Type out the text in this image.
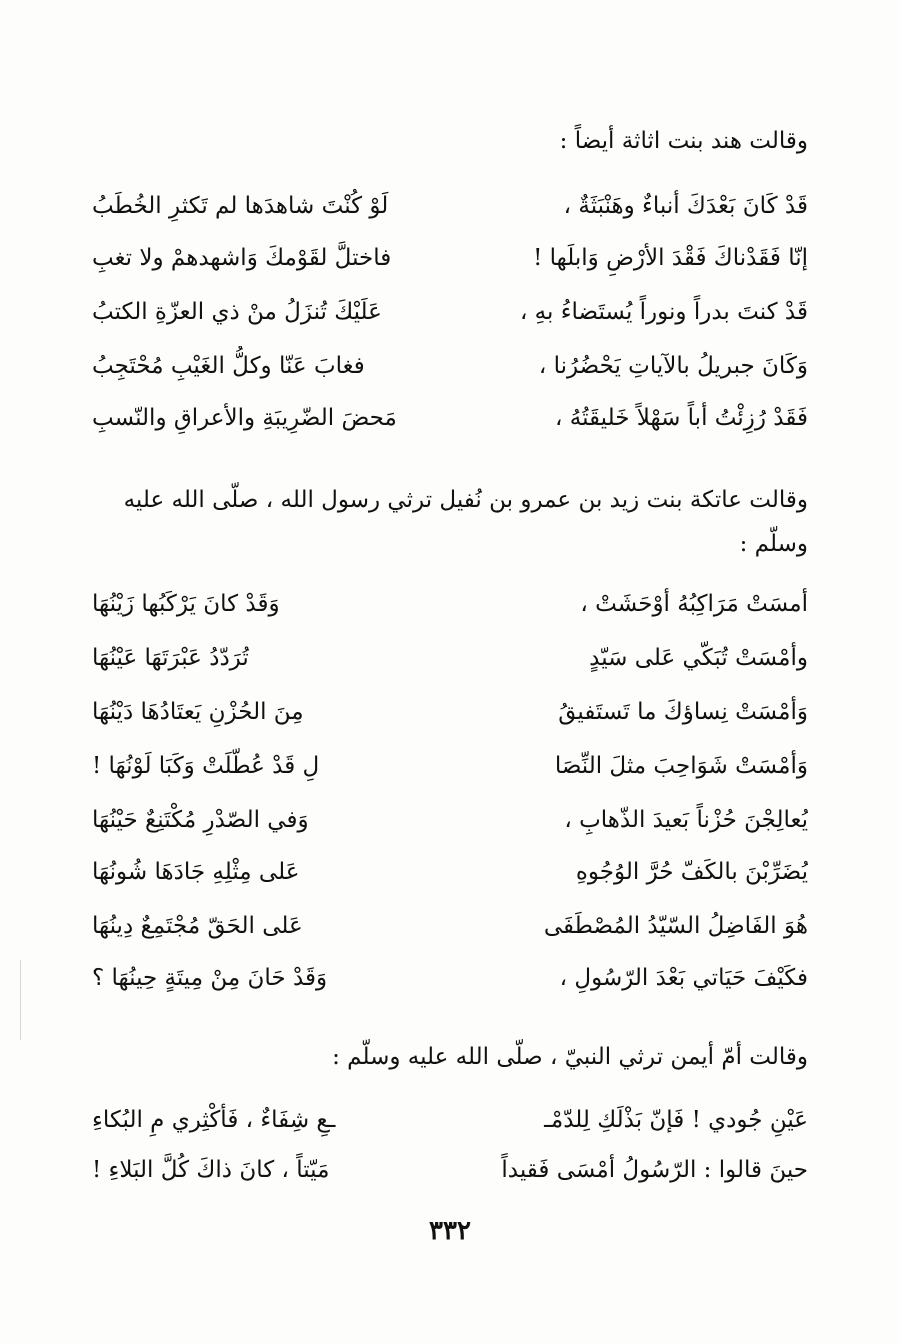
وقالت هند بنت اثاثة أيضاً :
قَدْ كَانَ بَعْدَكَ أنباءٌ وهَنْبَثَةٌ ،
لَوْ كُنْتَ شاهدَها لم تَكثرِ الخُطَبُ
إنّا فَقَدْناكَ فَقْدَ الأرْضِ وَابلَها !
فاختلَّ لقَوْمكَ وَاشهدهمْ ولا تغبِ
قَدْ كنتَ بدراً ونوراً يُستَضاءُ بهِ ،
عَلَيْكَ تُنزَلُ منْ ذي العزّةِ الكتبُ
وَكَانَ جبريلُ بالآياتِ يَحْضُرُنا ،
فغابَ عَنّا وكلُّ الغَيْبِ مُحْتَجِبُ
فَقَدْ رُزِئْتُ أباً سَهْلاً خَليقَتُهُ ،
مَحضَ الضّرِيبَةِ والأعراقِ والنّسبِ
وقالت عاتكة بنت زيد بن عمرو بن نُفيل ترثي رسول الله ، صلّى الله عليه وسلّم :
أمسَتْ مَرَاكِبُهُ أوْحَشَتْ ،
وَقَدْ كانَ يَرْكَبُها زَيْنُهَا
وأمْسَتْ تُبَكّي عَلى سَيّدٍ
تُرَدّدُ عَبْرَتَهَا عَيْنُهَا
وَأمْسَتْ نِساؤكَ ما تَستَفيقُ
مِنَ الحُزْنِ يَعتَادُهَا دَيْنُهَا
وَأمْسَتْ شَوَاحِبَ مثلَ النِّصَا
لِ قَدْ عُطّلَتْ وَكَبَا لَوْنُهَا !
يُعالِجْنَ حُزْناً بَعيدَ الذّهابِ ،
وَفي الصّدْرِ مُكْتَنِعٌ حَيْنُهَا
يُضَرِّبْنَ بالكَفّ حُرَّ الوُجُوهِ
عَلى مِثْلِهِ جَادَهَا شُونُهَا
هُوَ الفَاضِلُ السّيّدُ المُصْطَفَى
عَلى الحَقّ مُجْتَمِعٌ دِينُهَا
فكَيْفَ حَيَاتي بَعْدَ الرّسُولِ ،
وَقَدْ حَانَ مِنْ مِيتَةٍ حِينُهَا ؟
وقالت أمّ أيمن ترثي النبيّ ، صلّى الله عليه وسلّم :
عَيْنِ جُودي ! فَإنّ بَذْلَكِ لِلدّمْـ
ـعِ شِفَاءٌ ، فَأكْثِري مِ البُكاءِ
حينَ قالوا : الرّسُولُ أمْسَى فَقيداً
مَيّتاً ، كانَ ذاكَ كُلَّ البَلاءِ !
٣٣٢
